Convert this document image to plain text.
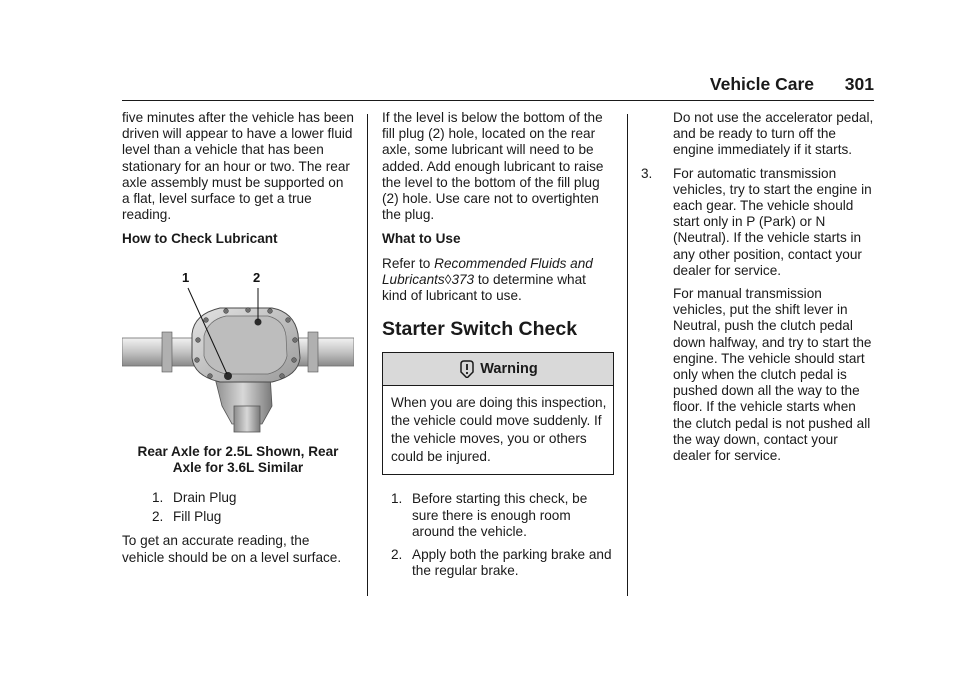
Vehicle Care 301

five minutes after the vehicle has been driven will appear to have a lower fluid level than a vehicle that has been stationary for an hour or two. The rear axle assembly must be supported on a flat, level surface to get a true reading.

How to Check Lubricant

1	2
Rear Axle for 2.5L Shown, Rear Axle for 3.6L Similar
1. Drain Plug
2. Fill Plug

To get an accurate reading, the vehicle should be on a level surface.

If the level is below the bottom of the fill plug (2) hole, located on the rear axle, some lubricant will need to be added. Add enough lubricant to raise the level to the bottom of the fill plug (2) hole. Use care not to overtighten the plug.

What to Use

Refer to Recommended Fluids and Lubricants◊373 to determine what kind of lubricant to use.

Starter Switch Check
Warning
When you are doing this inspection, the vehicle could move suddenly. If the vehicle moves, you or others could be injured.
1. Before starting this check, be sure there is enough room around the vehicle.
2. Apply both the parking brake and the regular brake.
Do not use the accelerator pedal, and be ready to turn off the engine immediately if it starts.
3. For automatic transmission vehicles, try to start the engine in each gear. The vehicle should start only in P (Park) or N (Neutral). If the vehicle starts in any other position, contact your dealer for service.
For manual transmission vehicles, put the shift lever in Neutral, push the clutch pedal down halfway, and try to start the engine. The vehicle should start only when the clutch pedal is pushed down all the way to the floor. If the vehicle starts when the clutch pedal is not pushed all the way down, contact your dealer for service.
